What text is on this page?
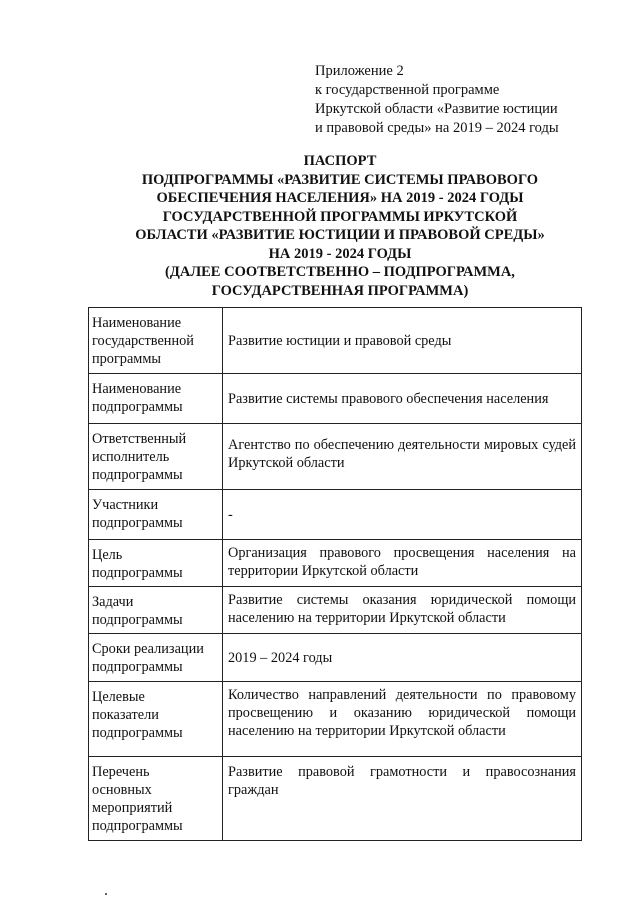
Приложение 2
к государственной программе
Иркутской области «Развитие юстиции
и правовой среды» на 2019 – 2024 годы
ПАСПОРТ
ПОДПРОГРАММЫ «РАЗВИТИЕ СИСТЕМЫ ПРАВОВОГО
ОБЕСПЕЧЕНИЯ НАСЕЛЕНИЯ» НА 2019 - 2024 ГОДЫ
ГОСУДАРСТВЕННОЙ ПРОГРАММЫ ИРКУТСКОЙ
ОБЛАСТИ «РАЗВИТИЕ ЮСТИЦИИ И ПРАВОВОЙ СРЕДЫ»
НА 2019 - 2024 ГОДЫ
(ДАЛЕЕ СООТВЕТСТВЕННО – ПОДПРОГРАММА,
ГОСУДАРСТВЕННАЯ ПРОГРАММА)
Наименование
государственной
программы	Развитие юстиции и правовой среды

Наименование
подпрограммы	Развитие системы правового обеспечения населения

Ответственный
исполнитель
подпрограммы	Агентство по обеспечению деятельности мировых судей Иркутской области

Участники
подпрограммы	-

Цель
подпрограммы	Организация правового просвещения населения на территории Иркутской области

Задачи
подпрограммы	Развитие системы оказания юридической помощи населению на территории Иркутской области

Сроки реализации
подпрограммы	2019 – 2024 годы

Целевые
показатели
подпрограммы	Количество направлений деятельности по правовому просвещению и оказанию юридической помощи населению на территории Иркутской области

Перечень
основных
мероприятий
подпрограммы	Развитие правовой грамотности и правосознания граждан
